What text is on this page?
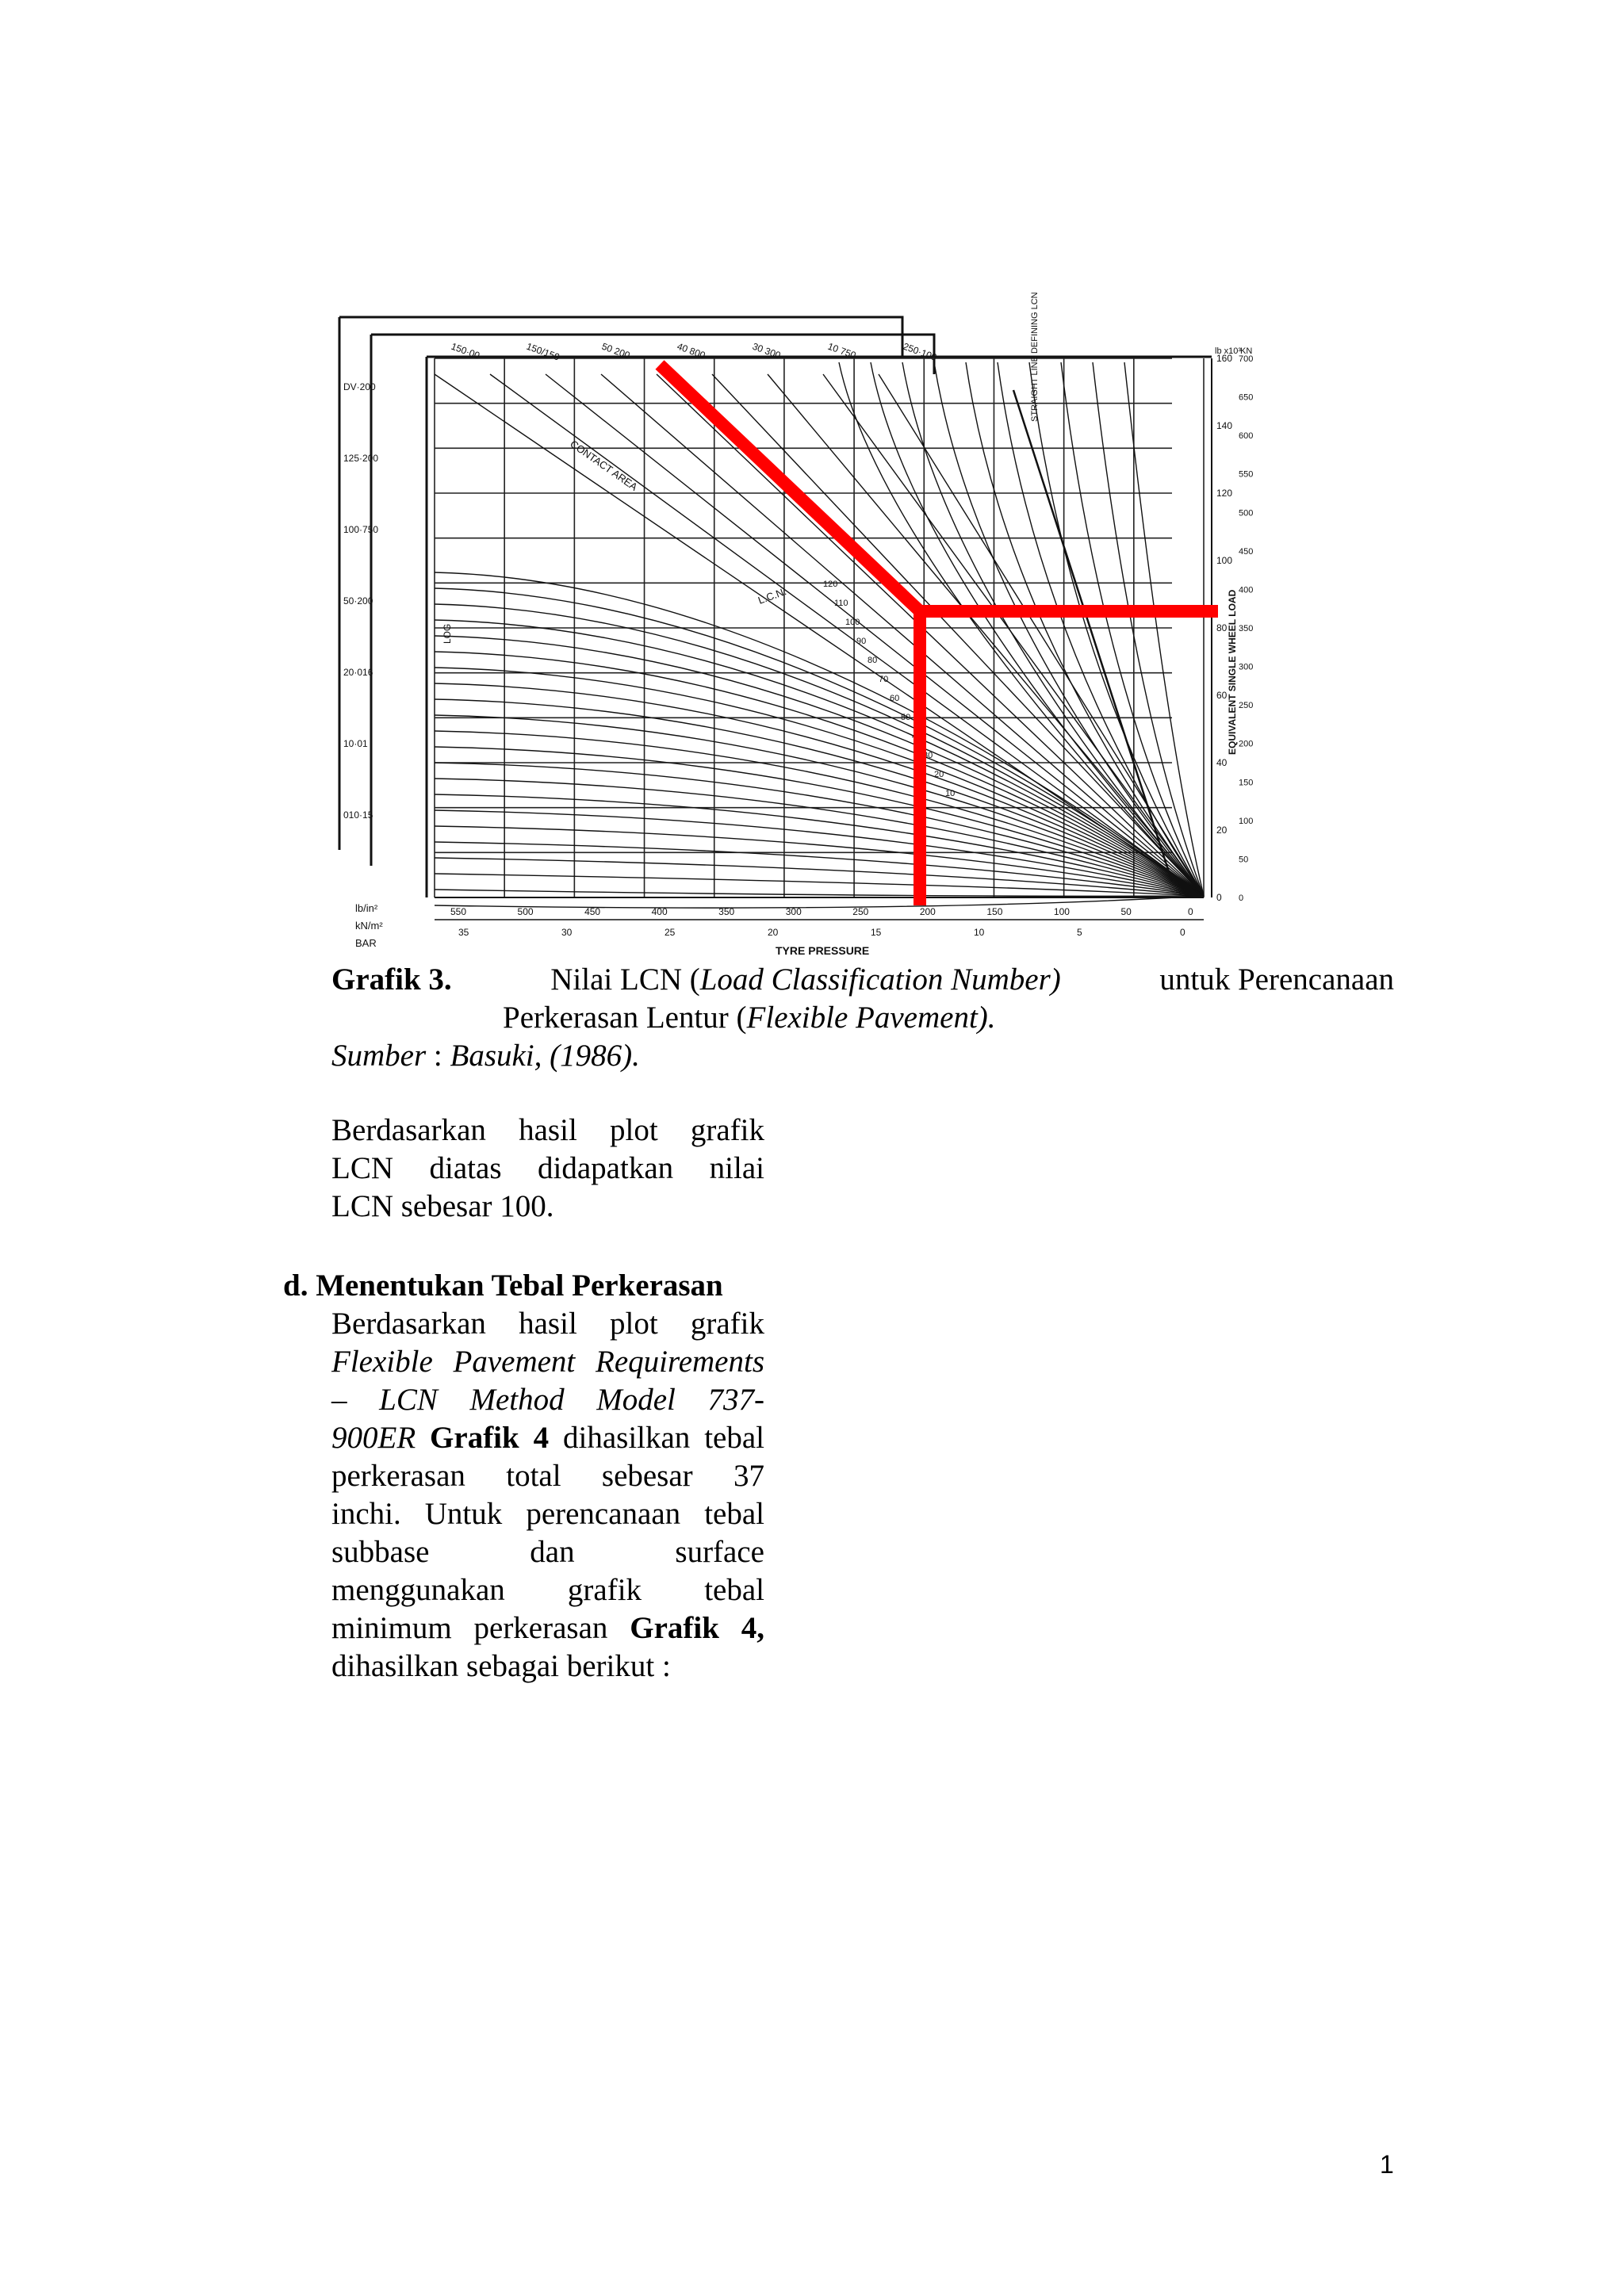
550	500	450	400	350	300	250	200	150	100	50	0
35	30	25	20	15	10	5	0
TYRE PRESSURE
lb/in²
kN/m²
BAR
0
20
40
60
80
100
120
140
160
0
50
100
150
200
250
300
350
400
450
500
550
600
650
700
EQUIVALENT SINGLE WHEEL LOAD
lb x10³
KN
150·00	150/150	50 200	40 800	30 300	10 750	250·100
DV·200
125·200
100·750
50·200
20·016
10·01
010·15
CONTACT AREA
L.C.N.
120
110
100
90
80
70
60
50
40
30
20
10
STRAIGHT LINE DEFINING LCN
LOG
Grafik 3.	Nilai LCN (Load Classification Number)	untuk Perencanaan
Perkerasan Lentur (Flexible Pavement).
Sumber : Basuki, (1986).
Berdasarkan hasil plot grafik
LCN diatas didapatkan nilai
LCN sebesar 100.
d. Menentukan Tebal Perkerasan
Berdasarkan hasil plot grafik
Flexible Pavement Requirements
– LCN Method Model 737-
900ER Grafik 4 dihasilkan tebal
perkerasan total sebesar 37
inchi. Untuk perencanaan tebal
subbase	dan	surface
menggunakan grafik tebal
minimum perkerasan Grafik 4,
dihasilkan sebagai berikut :
1
